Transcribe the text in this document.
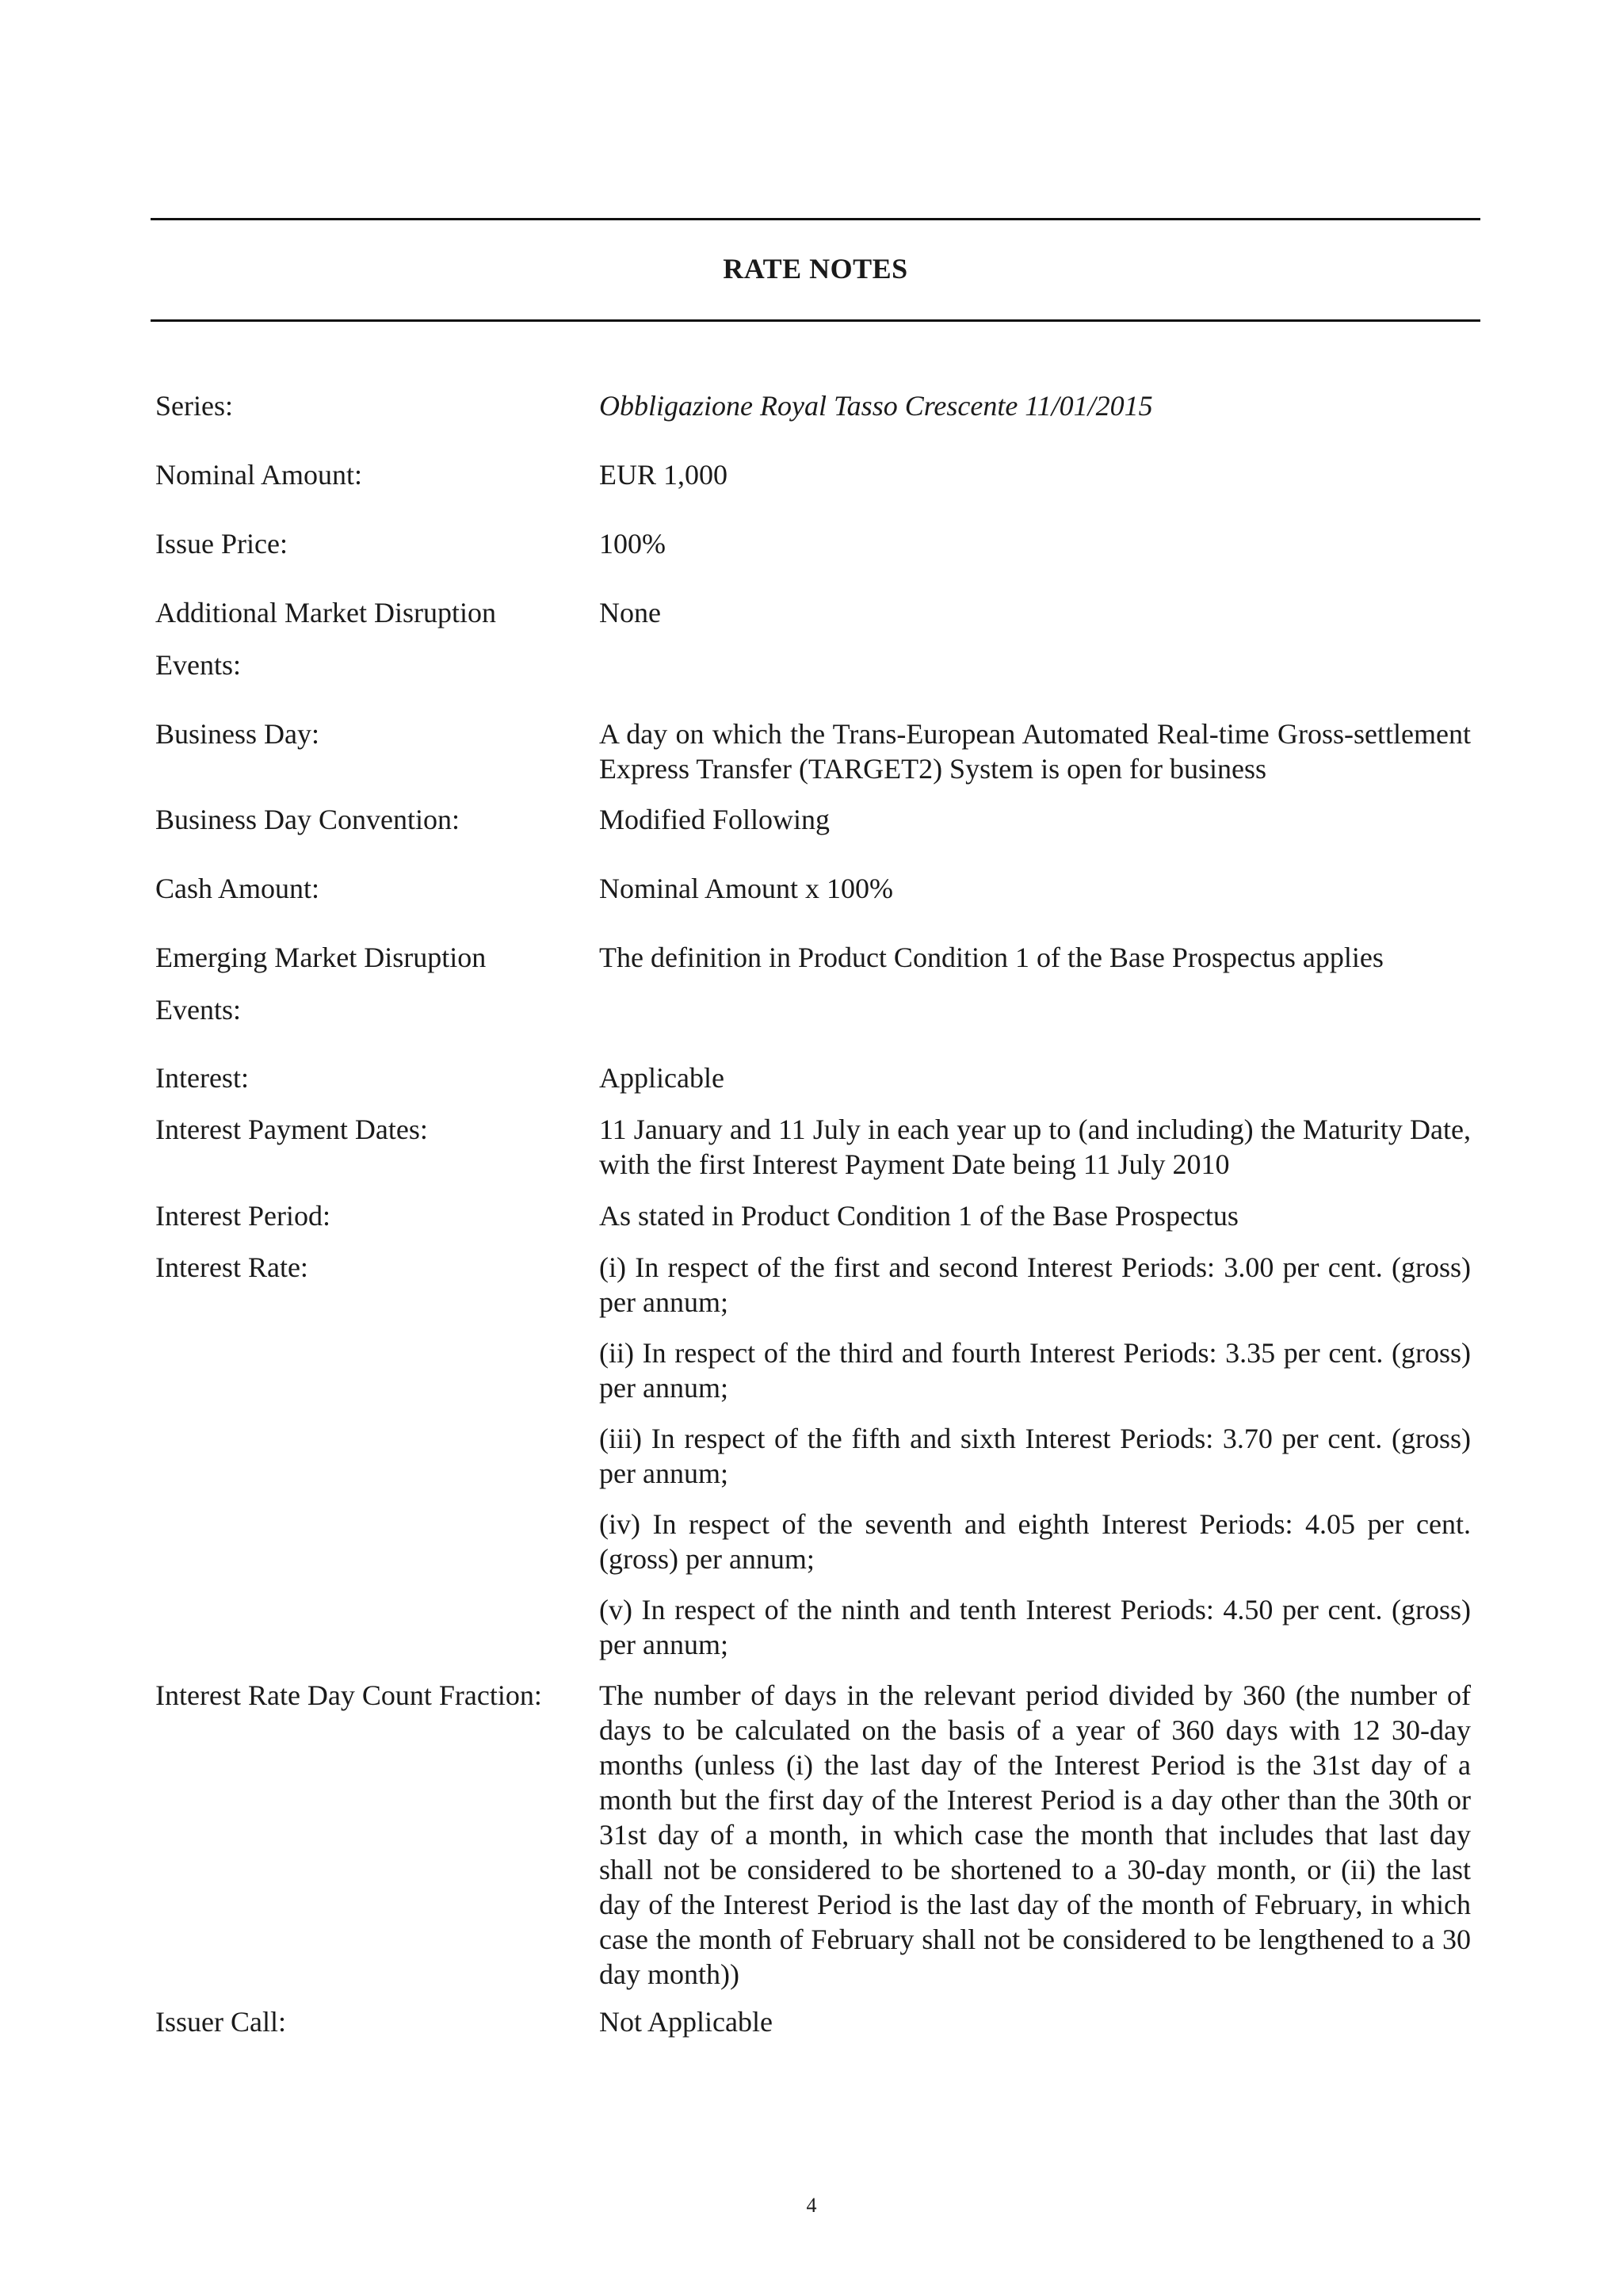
RATE NOTES
Series:	Obbligazione Royal Tasso Crescente 11/01/2015
Nominal Amount:	EUR 1,000
Issue Price:	100%
Additional Market Disruption Events:
None
Business Day:	A day on which the Trans-European Automated Real-time Gross-settlement Express Transfer (TARGET2) System is open for business
Business Day Convention:	Modified Following
Cash Amount:	Nominal Amount x 100%
Emerging Market Disruption Events:
The definition in Product Condition 1 of the Base Prospectus applies
Interest:	Applicable
Interest Payment Dates:	11 January and 11 July in each year up to (and including) the Maturity Date, with the first Interest Payment Date being 11 July 2010
Interest Period:	As stated in Product Condition 1 of the Base Prospectus
Interest Rate:	(i) In respect of the first and second Interest Periods: 3.00 per cent. (gross) per annum;

(ii) In respect of the third and fourth Interest Periods: 3.35 per cent. (gross) per annum;

(iii) In respect of the fifth and sixth Interest Periods: 3.70 per cent. (gross) per annum;

(iv) In respect of the seventh and eighth Interest Periods: 4.05 per cent. (gross) per annum;

(v) In respect of the ninth and tenth Interest Periods: 4.50 per cent. (gross) per annum;

Interest Rate Day Count Fraction:	The number of days in the relevant period divided by 360 (the number of days to be calculated on the basis of a year of 360 days with 12 30-day months (unless (i) the last day of the Interest Period is the 31st day of a month but the first day of the Interest Period is a day other than the 30th or 31st day of a month, in which case the month that includes that last day shall not be considered to be shortened to a 30-day month, or (ii) the last day of the Interest Period is the last day of the month of February, in which case the month of February shall not be considered to be lengthened to a 30 day month))
Issuer Call:	Not Applicable
4
